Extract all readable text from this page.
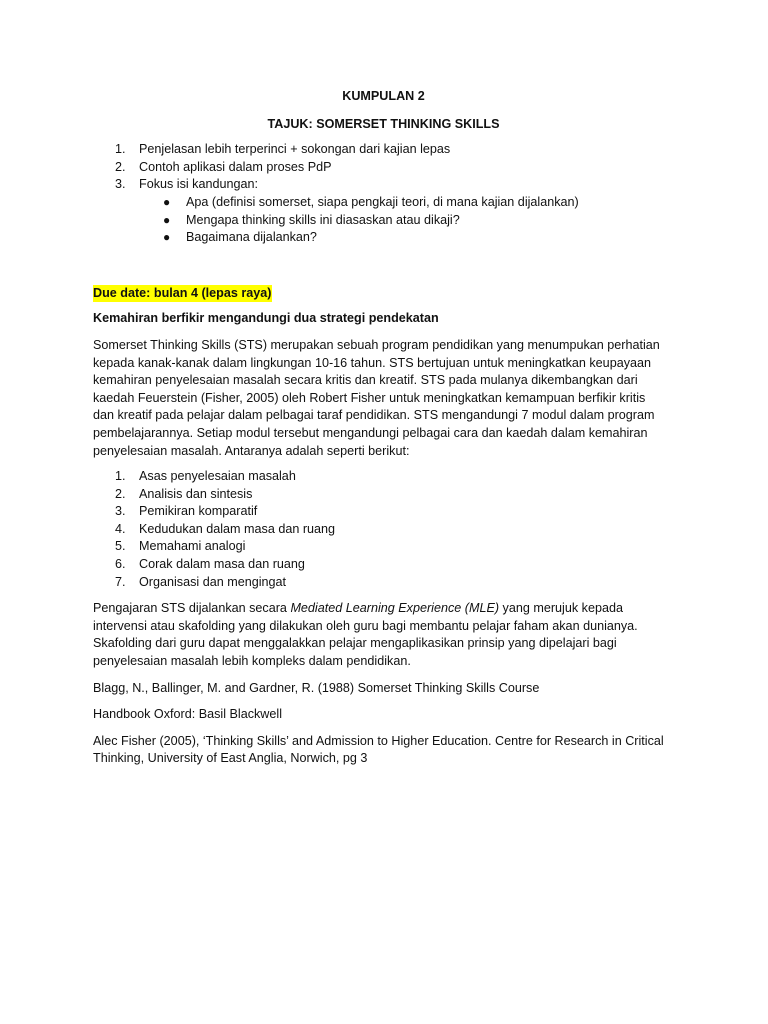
KUMPULAN 2

TAJUK: SOMERSET THINKING SKILLS

1. Penjelasan lebih terperinci + sokongan dari kajian lepas
2. Contoh aplikasi dalam proses PdP
3. Fokus isi kandungan:
● Apa (definisi somerset, siapa pengkaji teori, di mana kajian dijalankan)
● Mengapa thinking skills ini diasaskan atau dikaji?
● Bagaimana dijalankan?
Due date: bulan 4 (lepas raya)

Kemahiran berfikir mengandungi dua strategi pendekatan

Somerset Thinking Skills (STS) merupakan sebuah program pendidikan yang menumpukan perhatian
kepada kanak-kanak dalam lingkungan 10-16 tahun. STS bertujuan untuk meningkatkan keupayaan
kemahiran penyelesaian masalah secara kritis dan kreatif. STS pada mulanya dikembangkan dari
kaedah Feuerstein (Fisher, 2005) oleh Robert Fisher untuk meningkatkan kemampuan berfikir kritis
dan kreatif pada pelajar dalam pelbagai taraf pendidikan. STS mengandungi 7 modul dalam program
pembelajarannya. Setiap modul tersebut mengandungi pelbagai cara dan kaedah dalam kemahiran
penyelesaian masalah. Antaranya adalah seperti berikut:
1. Asas penyelesaian masalah
2. Analisis dan sintesis
3. Pemikiran komparatif
4. Kedudukan dalam masa dan ruang
5. Memahami analogi
6. Corak dalam masa dan ruang
7. Organisasi dan mengingat
Pengajaran STS dijalankan secara Mediated Learning Experience (MLE) yang merujuk kepada
intervensi atau skafolding yang dilakukan oleh guru bagi membantu pelajar faham akan dunianya.
Skafolding dari guru dapat menggalakkan pelajar mengaplikasikan prinsip yang dipelajari bagi
penyelesaian masalah lebih kompleks dalam pendidikan.

Blagg, N., Ballinger, M. and Gardner, R. (1988) Somerset Thinking Skills Course

Handbook Oxford: Basil Blackwell

Alec Fisher (2005), ‘Thinking Skills’ and Admission to Higher Education. Centre for Research in Critical
Thinking, University of East Anglia, Norwich, pg 3
